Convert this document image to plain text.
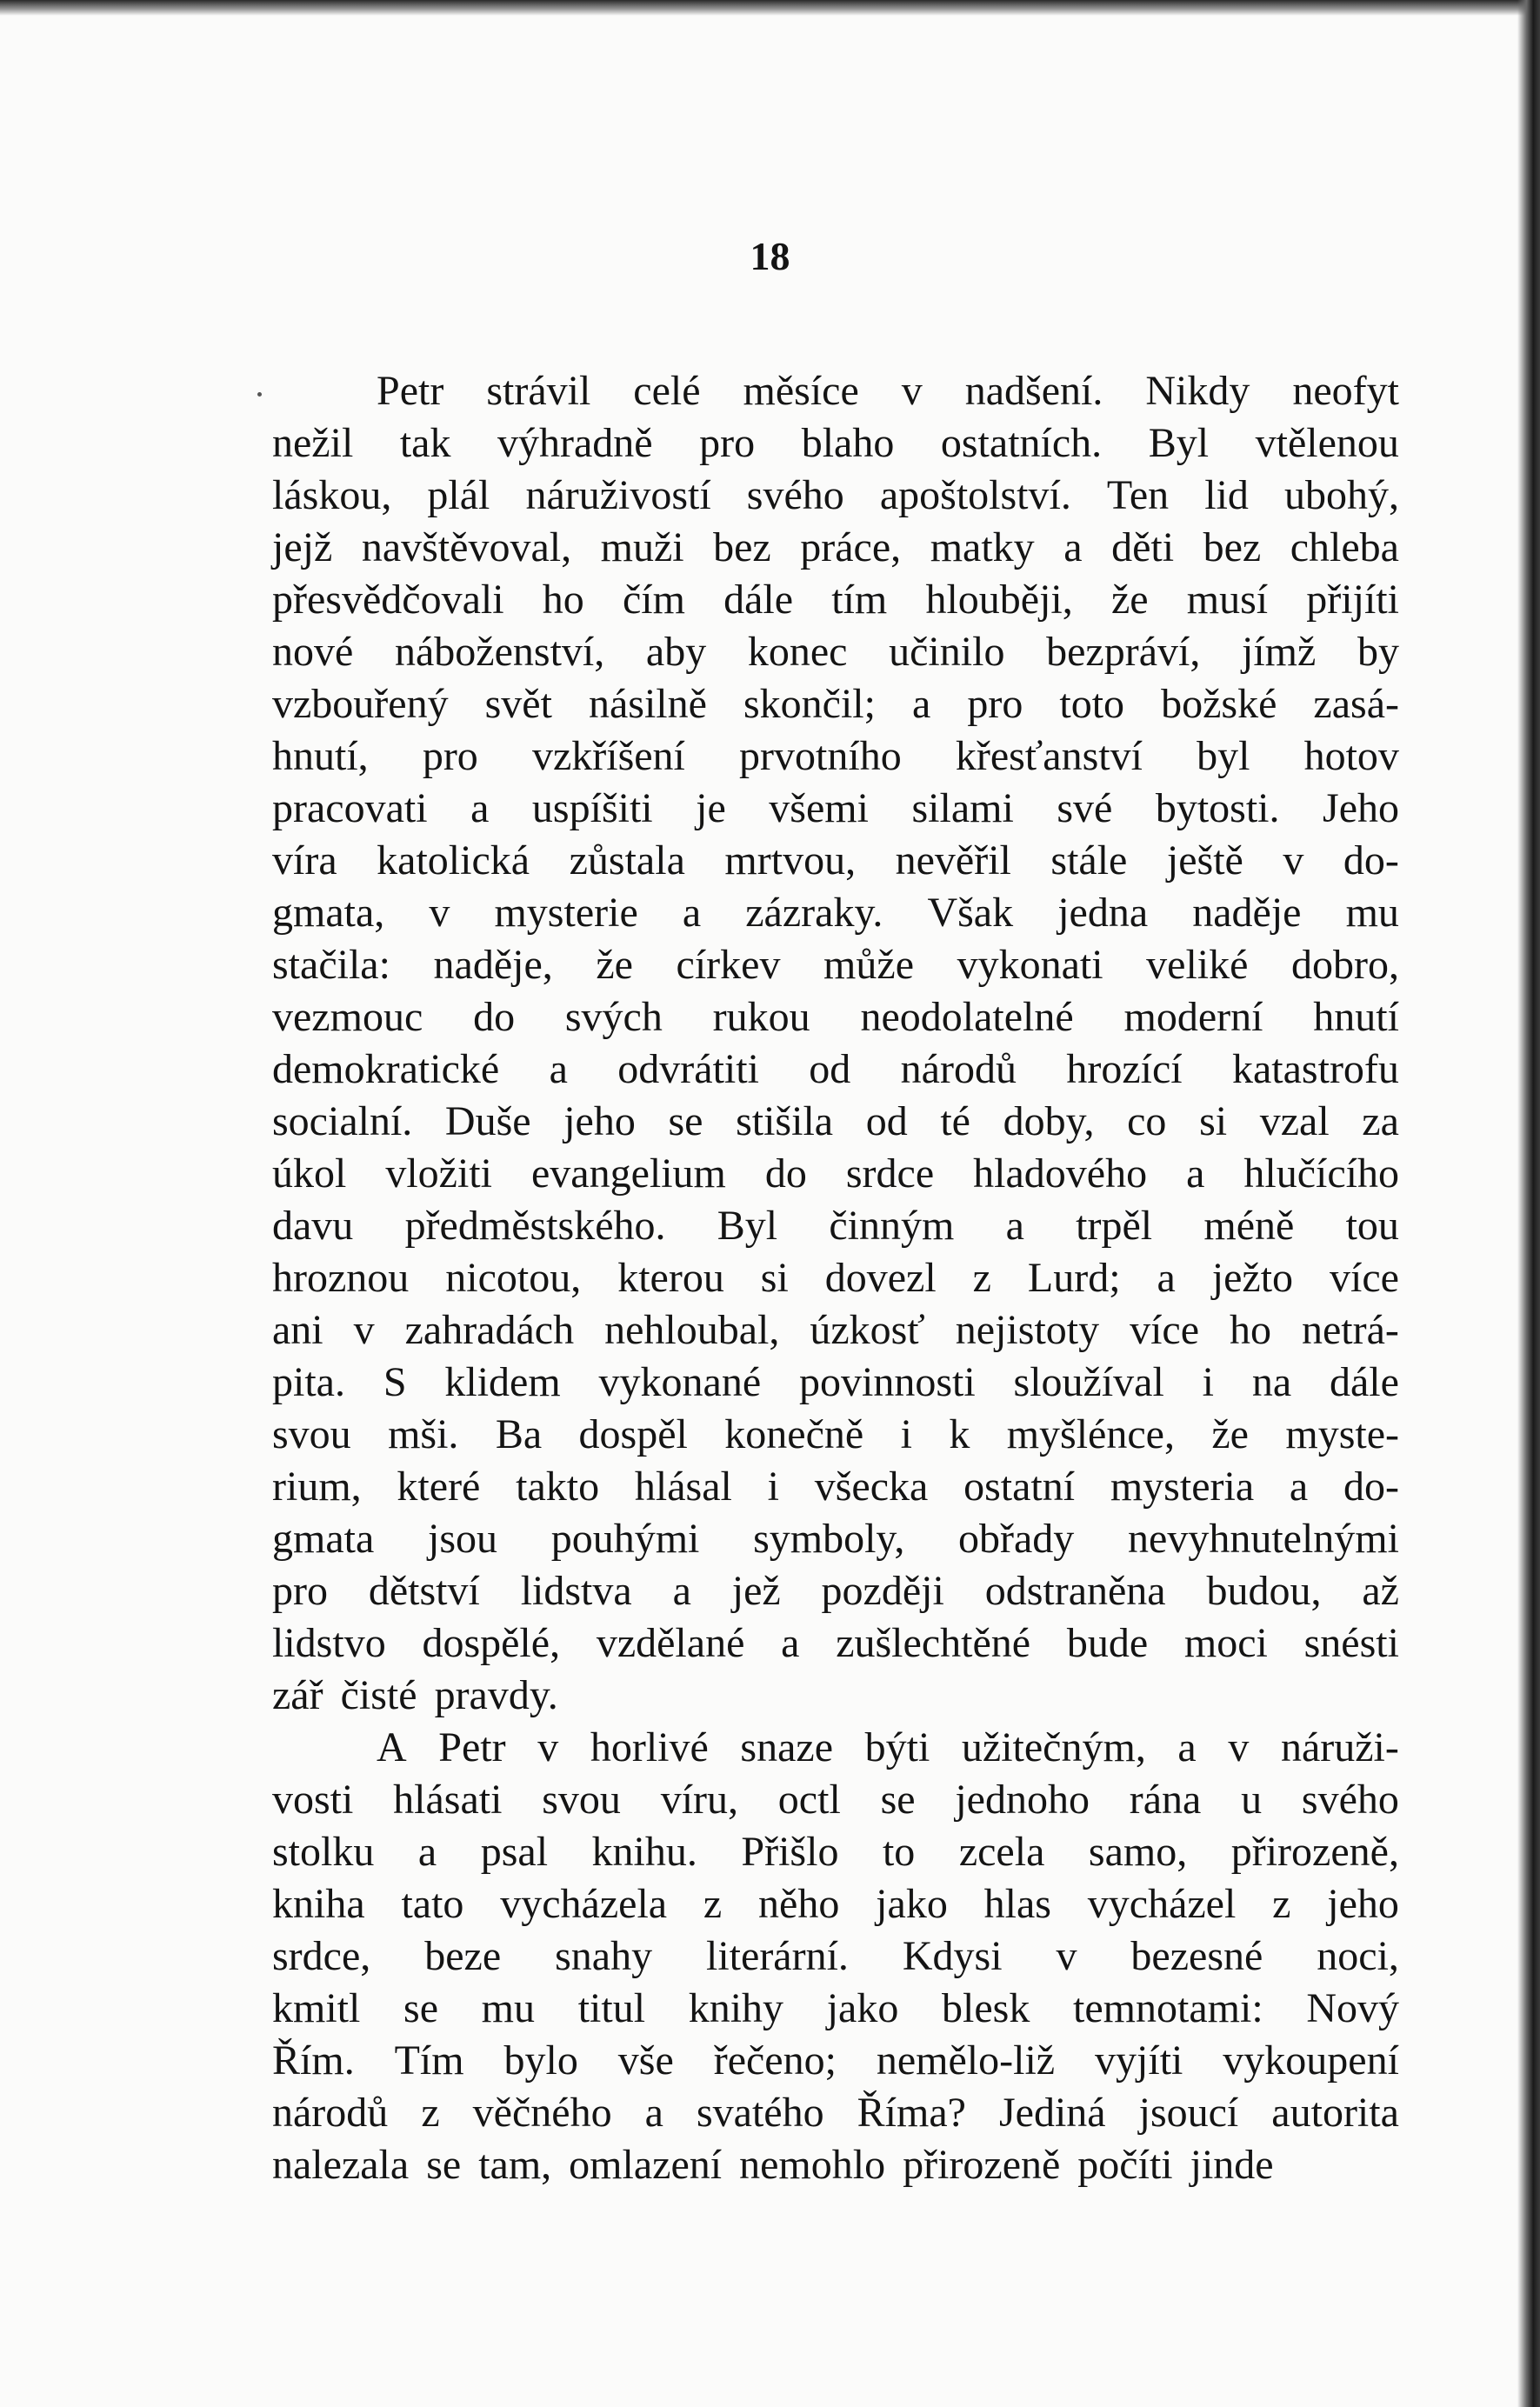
18
Petr strávil celé měsíce v nadšení. Nikdy neofyt
nežil tak výhradně pro blaho ostatních. Byl vtělenou
láskou, plál náruživostí svého apoštolství. Ten lid ubohý,
jejž navštěvoval, muži bez práce, matky a děti bez chleba
přesvědčovali ho čím dále tím hlouběji, že musí přijíti
nové náboženství, aby konec učinilo bezpráví, jímž by
vzbouřený svět násilně skončil; a pro toto božské zasá-
hnutí, pro vzkříšení prvotního křesťanství byl hotov
pracovati a uspíšiti je všemi silami své bytosti. Jeho
víra katolická zůstala mrtvou, nevěřil stále ještě v do-
gmata, v mysterie a zázraky. Však jedna naděje mu
stačila: naděje, že církev může vykonati veliké dobro,
vezmouc do svých rukou neodolatelné moderní hnutí
demokratické a odvrátiti od národů hrozící katastrofu
socialní. Duše jeho se stišila od té doby, co si vzal za
úkol vložiti evangelium do srdce hladového a hlučícího
davu předměstského. Byl činným a trpěl méně tou
hroznou nicotou, kterou si dovezl z Lurd; a ježto více
ani v zahradách nehloubal, úzkosť nejistoty více ho netrá-
pita. S klidem vykonané povinnosti sloužíval i na dále
svou mši. Ba dospěl konečně i k myšlénce, že myste-
rium, které takto hlásal i všecka ostatní mysteria a do-
gmata jsou pouhými symboly, obřady nevyhnutelnými
pro dětství lidstva a jež později odstraněna budou, až
lidstvo dospělé, vzdělané a zušlechtěné bude moci snésti
zář čisté pravdy.
A Petr v horlivé snaze býti užitečným, a v náruži-
vosti hlásati svou víru, octl se jednoho rána u svého
stolku a psal knihu. Přišlo to zcela samo, přirozeně,
kniha tato vycházela z něho jako hlas vycházel z jeho
srdce, beze snahy literární. Kdysi v bezesné noci,
kmitl se mu titul knihy jako blesk temnotami: Nový
Řím. Tím bylo vše řečeno; nemělo-liž vyjíti vykoupení
národů z věčného a svatého Říma? Jediná jsoucí autorita
nalezala se tam, omlazení nemohlo přirozeně počíti jinde
